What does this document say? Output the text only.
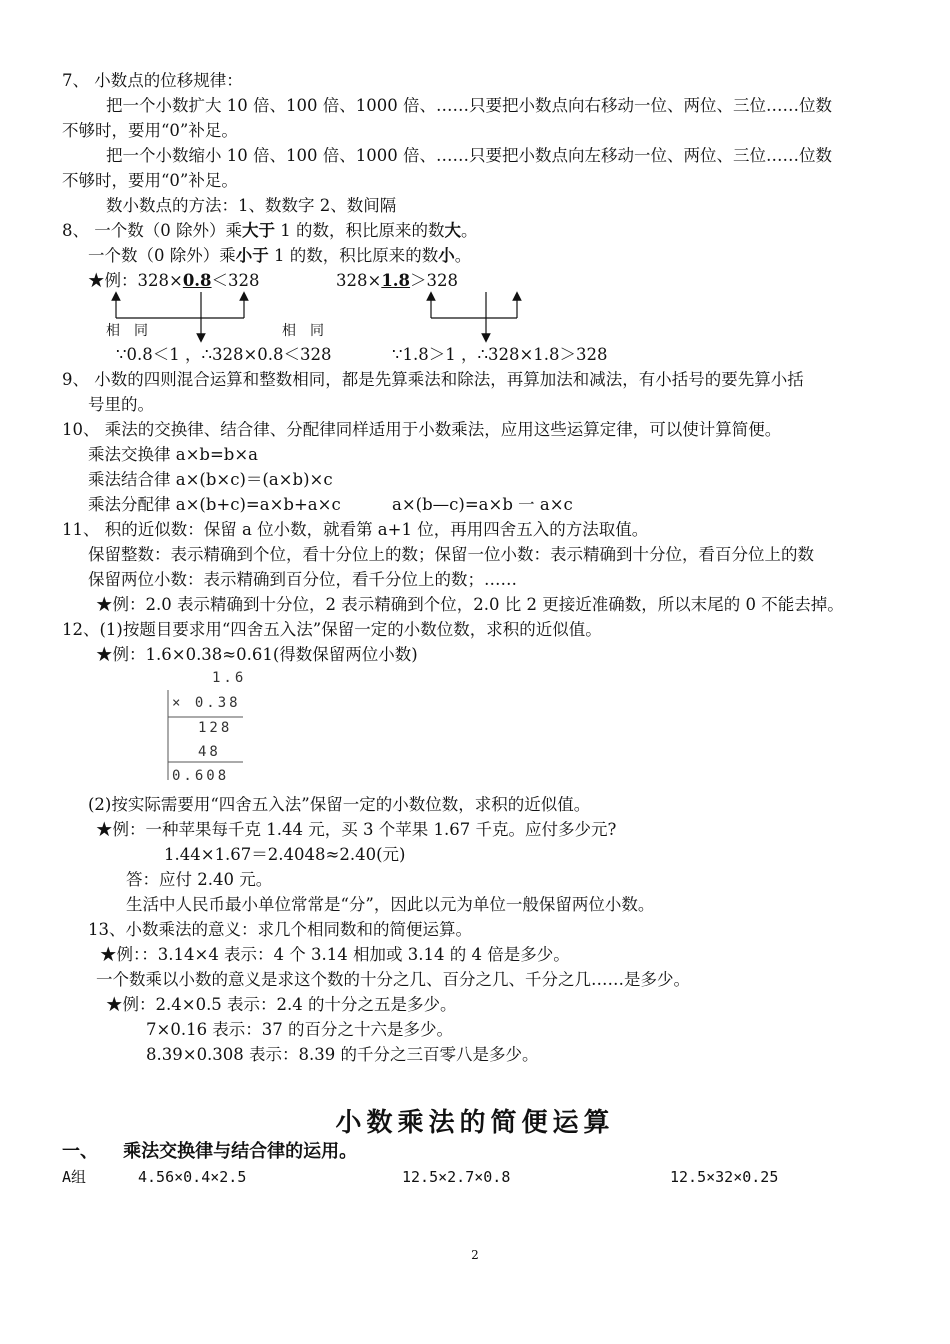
7、 小数点的位移规律：
把一个小数扩大 10 倍、100 倍、1000 倍、……只要把小数点向右移动一位、两位、三位……位数
不够时，要用“0”补足。
把一个小数缩小 10 倍、100 倍、1000 倍、……只要把小数点向左移动一位、两位、三位……位数
不够时，要用“0”补足。
数小数点的方法：1、数数字 2、数间隔
8、 一个数（0 除外）乘大于 1 的数，积比原来的数大。
一个数（0 除外）乘小于 1 的数，积比原来的数小。
★例：328×0.8＜328	328×1.8＞328
相同	相同
∵0.8＜1 ，∴328×0.8＜328	∵1.8＞1 ，∴328×1.8＞328
9、 小数的四则混合运算和整数相同，都是先算乘法和除法，再算加法和减法，有小括号的要先算小括
号里的。
10、 乘法的交换律、结合律、分配律同样适用于小数乘法，应用这些运算定律，可以使计算简便。
乘法交换律 a×b=b×a
乘法结合律 a×(b×c)＝(a×b)×c
乘法分配律 a×(b+c)=a×b+a×c	a×(b—c)=a×b 一 a×c
11、 积的近似数：保留 a 位小数，就看第 a+1 位，再用四舍五入的方法取值。
保留整数：表示精确到个位，看十分位上的数；保留一位小数：表示精确到十分位，看百分位上的数
保留两位小数：表示精确到百分位，看千分位上的数；……
★例：2.0 表示精确到十分位，2 表示精确到个位，2.0 比 2 更接近准确数，所以末尾的 0 不能去掉。
12、(1)按题目要求用“四舍五入法”保留一定的小数位数，求积的近似值。
★例：1.6×0.38≈0.61(得数保留两位小数)
1.6
× 0.38
128
48
0.608
(2)按实际需要用“四舍五入法”保留一定的小数位数，求积的近似值。
★例：一种苹果每千克 1.44 元，买 3 个苹果 1.67 千克。应付多少元?
1.44×1.67＝2.4048≈2.40(元)
答：应付 2.40 元。
生活中人民币最小单位常常是“分”，因此以元为单位一般保留两位小数。
13、小数乘法的意义：求几个相同数和的简便运算。
★例：：3.14×4 表示：4 个 3.14 相加或 3.14 的 4 倍是多少。
一个数乘以小数的意义是求这个数的十分之几、百分之几、千分之几……是多少。
★例：2.4×0.5 表示：2.4 的十分之五是多少。
7×0.16 表示：37 的百分之十六是多少。
8.39×0.308 表示：8.39 的千分之三百零八是多少。
小数乘法的简便运算
一、    乘法交换律与结合律的运用。
A组	4.56×0.4×2.5	12.5×2.7×0.8	12.5×32×0.25
2
